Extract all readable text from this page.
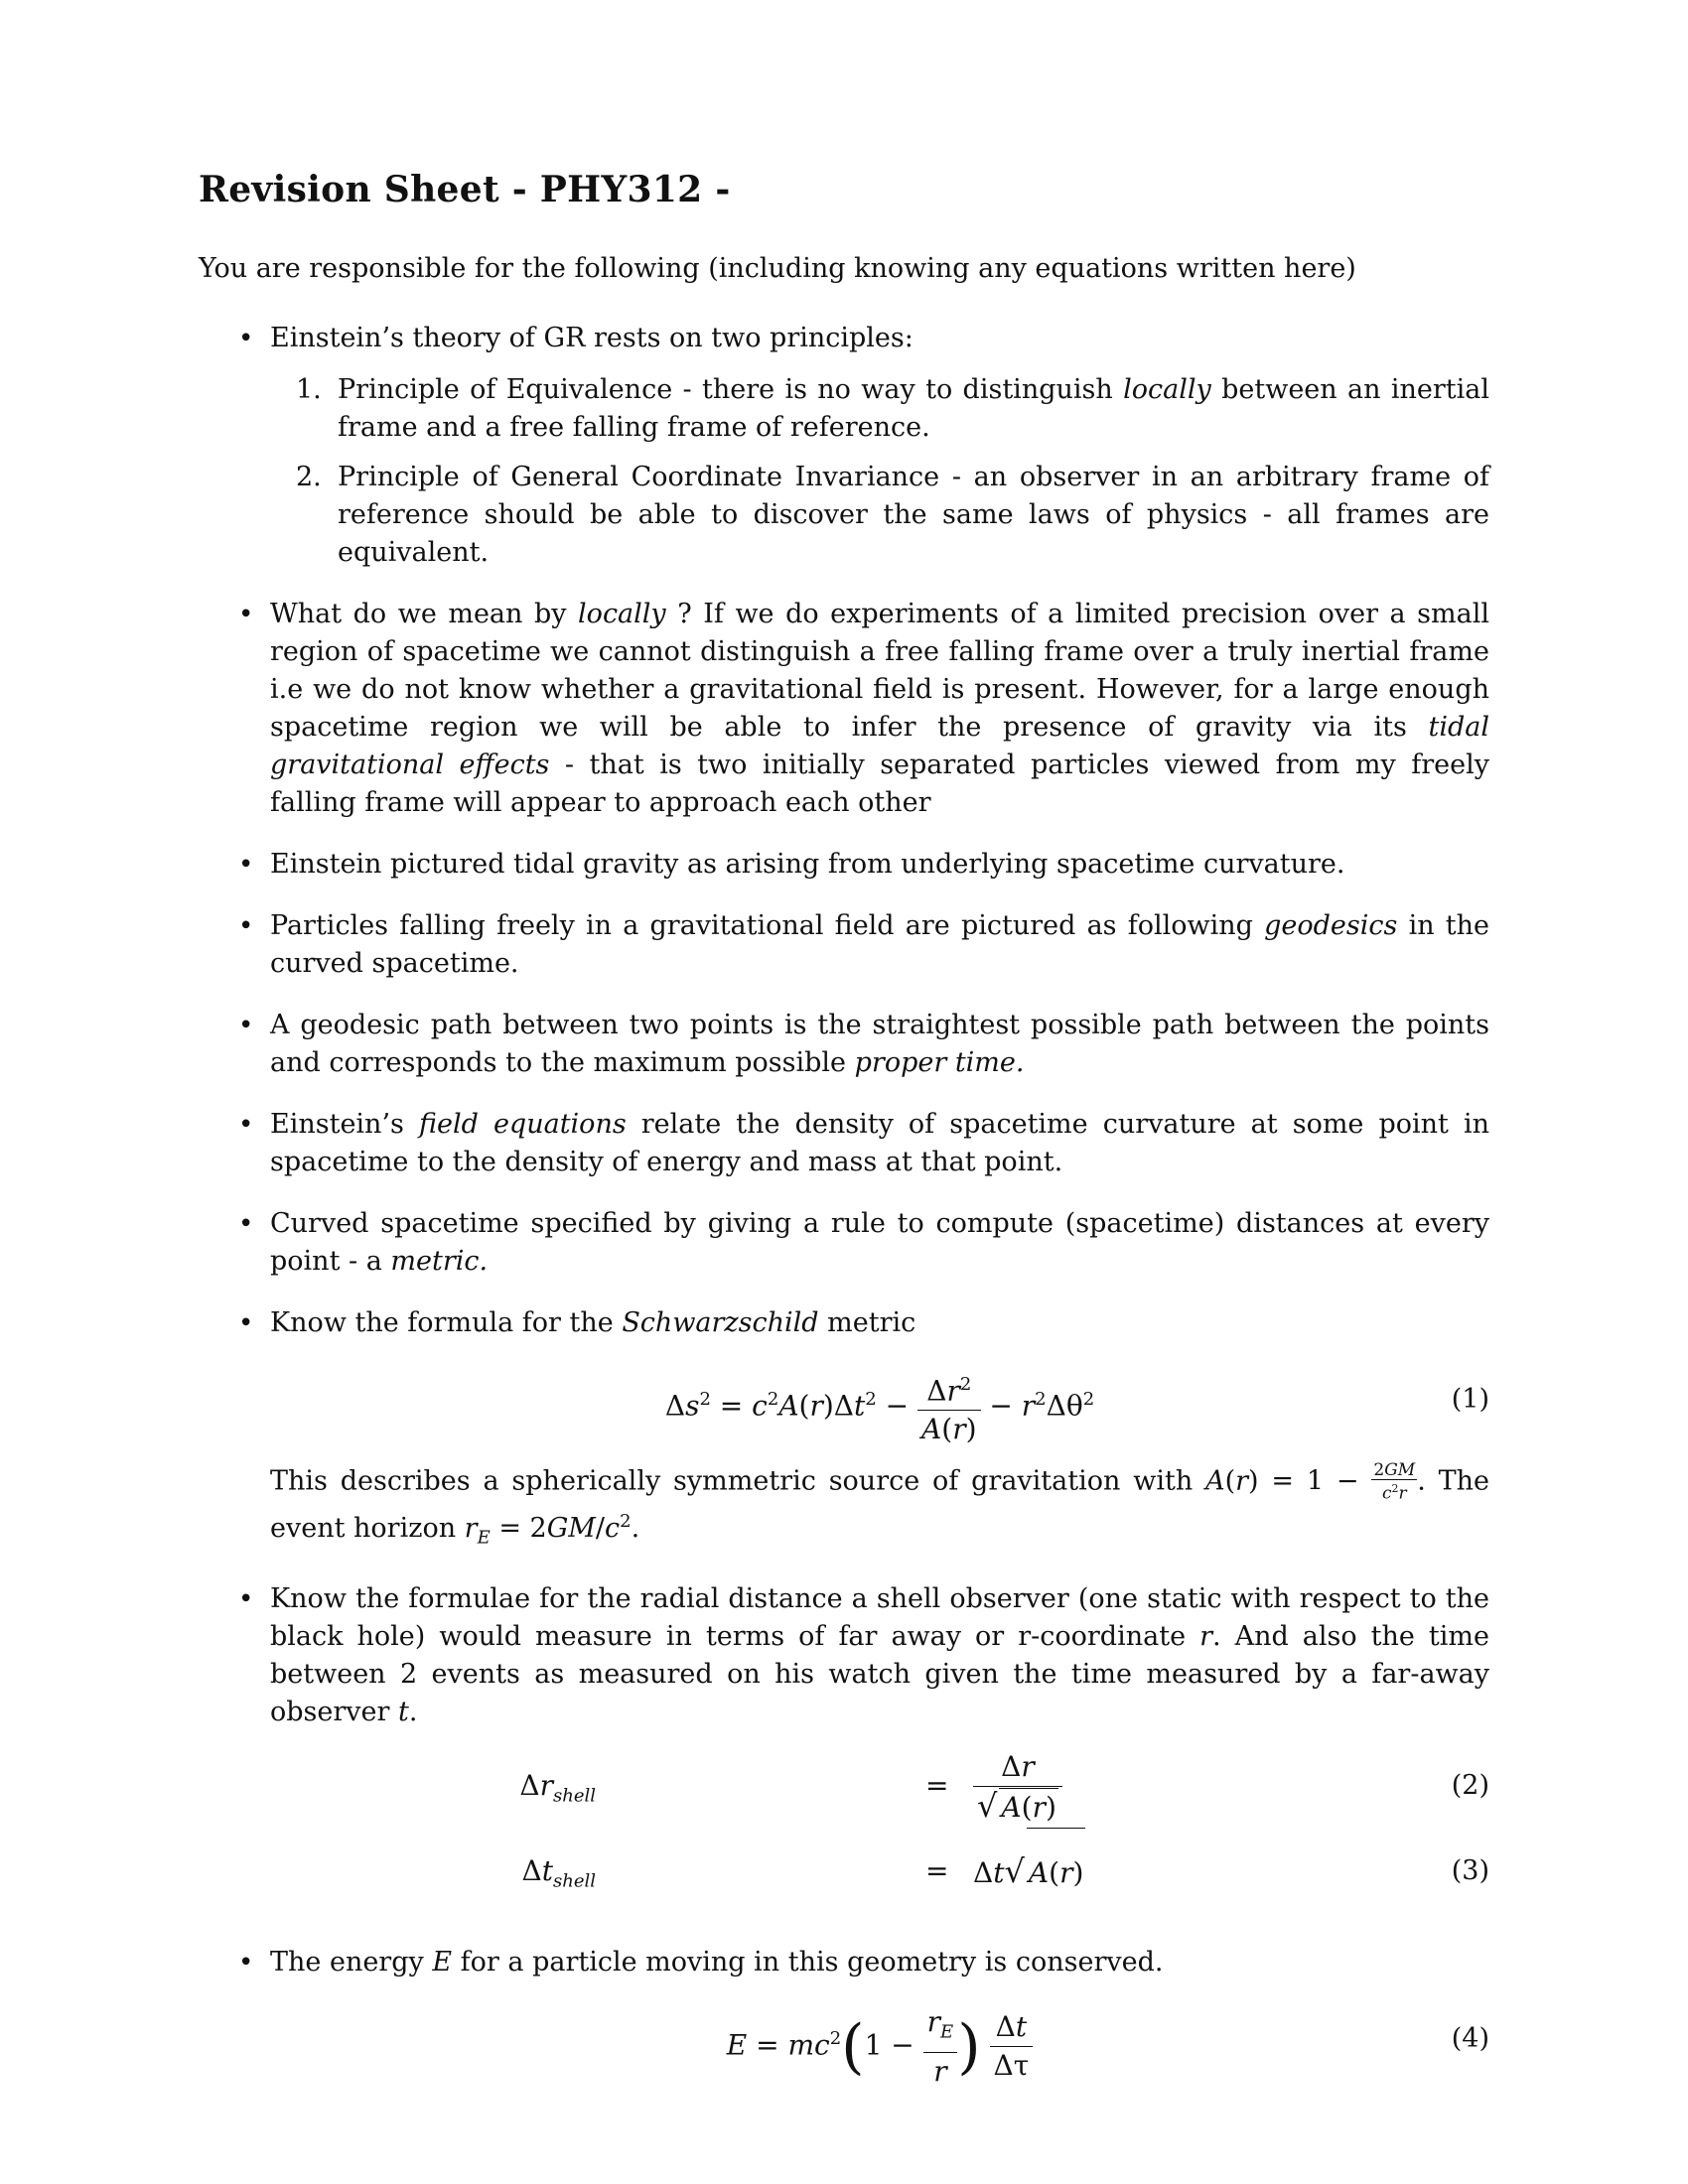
Revision Sheet - PHY312 -

You are responsible for the following (including knowing any equations written here)

• Einstein’s theory of GR rests on two principles:
1. Principle of Equivalence - there is no way to distinguish locally between an inertial frame and a free falling frame of reference.
2. Principle of General Coordinate Invariance - an observer in an arbitrary frame of reference should be able to discover the same laws of physics - all frames are equivalent.
• What do we mean by locally ? If we do experiments of a limited precision over a small region of spacetime we cannot distinguish a free falling frame over a truly inertial frame i.e we do not know whether a gravitational field is present. However, for a large enough spacetime region we will be able to infer the presence of gravity via its tidal gravitational effects - that is two initially separated particles viewed from my freely falling frame will appear to approach each other
• Einstein pictured tidal gravity as arising from underlying spacetime curvature.
• Particles falling freely in a gravitational field are pictured as following geodesics in the curved spacetime.
• A geodesic path between two points is the straightest possible path between the points and corresponds to the maximum possible proper time.
• Einstein’s field equations relate the density of spacetime curvature at some point in spacetime to the density of energy and mass at that point.
• Curved spacetime specified by giving a rule to compute (spacetime) distances at every point - a metric.
• Know the formula for the Schwarzschild metric
$\Delta s^2 = c^2A(r)\Delta t^2 - \frac{\Delta r^2}{A(r)} - r^2\Delta\theta^2$	(1)
This describes a spherically symmetric source of gravitation with $A(r) = 1 - \frac{2GM}{c^2r}$ . The event horizon $r_E = 2GM/c^2$.
• Know the formulae for the radial distance a shell observer (one static with respect to the black hole) would measure in terms of far away or r-coordinate r. And also the time between 2 events as measured on his watch given the time measured by a far-away observer t.
$\Delta r_{shell}$	= $\frac{\Delta r}{√ A(r)}$	(2)
$\Delta t_{shell}$	= Δt√ A(r)	(3)
• The energy E for a particle moving in this geometry is conserved.
$E = mc^2(1 - \frac{r_E}{r}$ ) $\frac{\Delta t}{\Delta\tau}$	(4)
